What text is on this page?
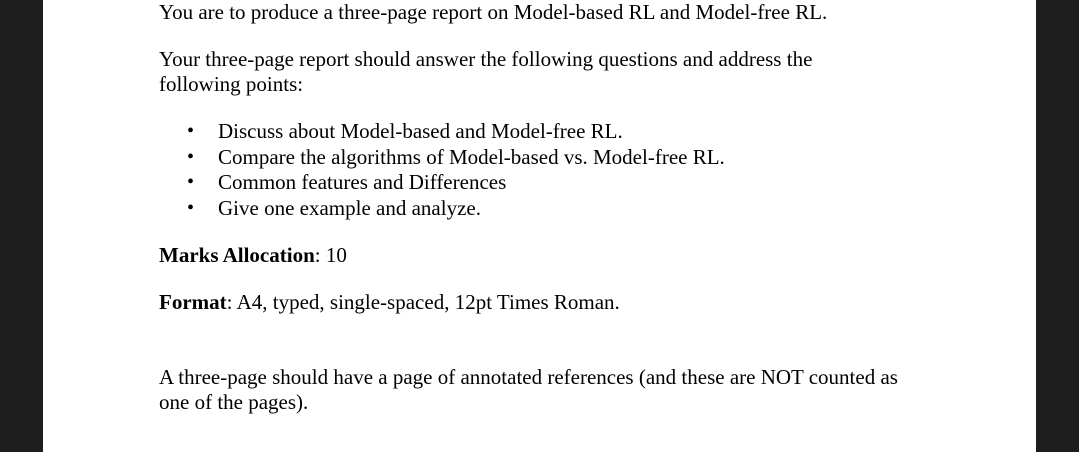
You are to produce a three-page report on Model-based RL and Model-free RL.

Your three-page report should answer the following questions and address the following points:

• Discuss about Model-based and Model-free RL.
• Compare the algorithms of Model-based vs. Model-free RL.
• Common features and Differences
• Give one example and analyze.

Marks Allocation: 10

Format: A4, typed, single-spaced, 12pt Times Roman.

A three-page should have a page of annotated references (and these are NOT counted as one of the pages).
